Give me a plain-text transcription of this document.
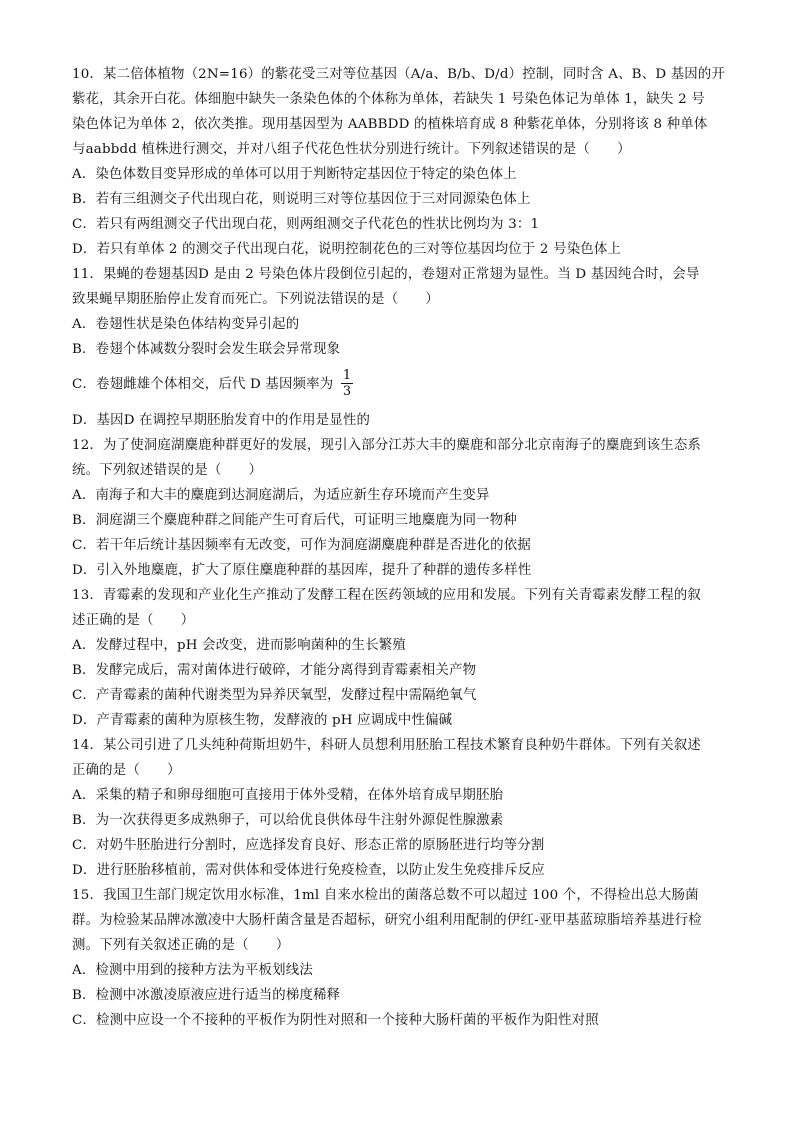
10．某二倍体植物（2N=16）的紫花受三对等位基因（A/a、B/b、D/d）控制，同时含 A、B、D 基因的开
紫花，其余开白花。体细胞中缺失一条染色体的个体称为单体，若缺失 1 号染色体记为单体 1，缺失 2 号
染色体记为单体 2，依次类推。现用基因型为 AABBDD 的植株培育成 8 种紫花单体，分别将该 8 种单体
与aabbdd 植株进行测交，并对八组子代花色性状分别进行统计。下列叙述错误的是（　　）
A．染色体数目变异形成的单体可以用于判断特定基因位于特定的染色体上
B．若有三组测交子代出现白花，则说明三对等位基因位于三对同源染色体上
C．若只有两组测交子代出现白花，则两组测交子代花色的性状比例均为 3：1
D．若只有单体 2 的测交子代出现白花，说明控制花色的三对等位基因均位于 2 号染色体上
11．果蝇的卷翅基因D 是由 2 号染色体片段倒位引起的，卷翅对正常翅为显性。当 D 基因纯合时，会导
致果蝇早期胚胎停止发育而死亡。下列说法错误的是（　　）
A．卷翅性状是染色体结构变异引起的
B．卷翅个体减数分裂时会发生联会异常现象
C．卷翅雌雄个体相交，后代 D 基因频率为 $\frac{1}{3}$
D．基因D 在调控早期胚胎发育中的作用是显性的
12．为了使洞庭湖麋鹿种群更好的发展，现引入部分江苏大丰的麋鹿和部分北京南海子的麋鹿到该生态系
统。下列叙述错误的是（　　）
A．南海子和大丰的麋鹿到达洞庭湖后，为适应新生存环境而产生变异
B．洞庭湖三个麋鹿种群之间能产生可育后代，可证明三地麋鹿为同一物种
C．若干年后统计基因频率有无改变，可作为洞庭湖麋鹿种群是否进化的依据
D．引入外地麋鹿，扩大了原住麋鹿种群的基因库，提升了种群的遗传多样性
13．青霉素的发现和产业化生产推动了发酵工程在医药领域的应用和发展。下列有关青霉素发酵工程的叙
述正确的是（　　）
A．发酵过程中，pH 会改变，进而影响菌种的生长繁殖
B．发酵完成后，需对菌体进行破碎，才能分离得到青霉素相关产物
C．产青霉素的菌种代谢类型为异养厌氧型，发酵过程中需隔绝氧气
D．产青霉素的菌种为原核生物，发酵液的 pH 应调成中性偏碱
14．某公司引进了几头纯种荷斯坦奶牛，科研人员想利用胚胎工程技术繁育良种奶牛群体。下列有关叙述
正确的是（　　）
A．采集的精子和卵母细胞可直接用于体外受精，在体外培育成早期胚胎
B．为一次获得更多成熟卵子，可以给优良供体母牛注射外源促性腺激素
C．对奶牛胚胎进行分割时，应选择发育良好、形态正常的原肠胚进行均等分割
D．进行胚胎移植前，需对供体和受体进行免疫检查，以防止发生免疫排斥反应
15．我国卫生部门规定饮用水标准，1ml 自来水检出的菌落总数不可以超过 100 个，不得检出总大肠菌
群。为检验某品牌冰激凌中大肠杆菌含量是否超标，研究小组利用配制的伊红-亚甲基蓝琼脂培养基进行检
测。下列有关叙述正确的是（　　）
A．检测中用到的接种方法为平板划线法
B．检测中冰激凌原液应进行适当的梯度稀释
C．检测中应设一个不接种的平板作为阴性对照和一个接种大肠杆菌的平板作为阳性对照
